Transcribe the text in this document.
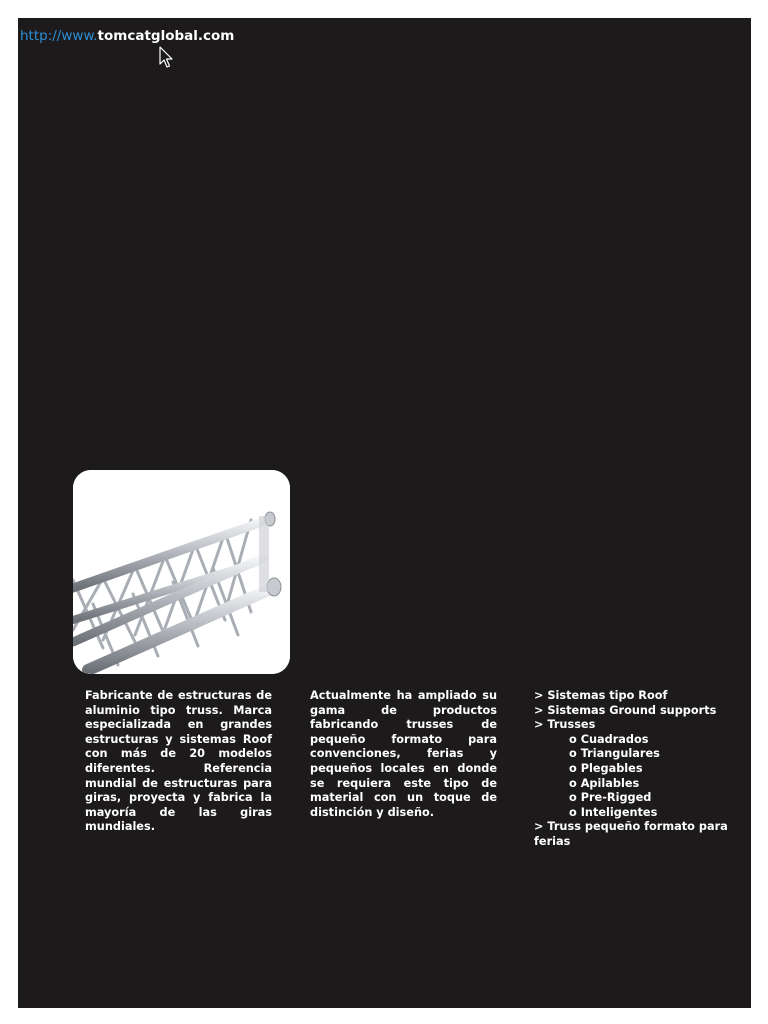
http://www.tomcatglobal.com
Fabricante de estructuras de aluminio tipo truss. Marca especializada en grandes estructuras y sistemas Roof con más de 20 modelos diferentes. Referencia mundial de estructuras para giras, proyecta y fabrica la mayoría de las giras mundiales.
Actualmente ha ampliado su gama de productos fabricando trusses de pequeño formato para convenciones, ferias y pequeños locales en donde se requiera este tipo de material con un toque de distinción y diseño.
> Sistemas tipo Roof
> Sistemas Ground supports
> Trusses
o Cuadrados
o Triangulares
o Plegables
o Apilables
o Pre-Rigged
o Inteligentes
> Truss pequeño formato para ferias
